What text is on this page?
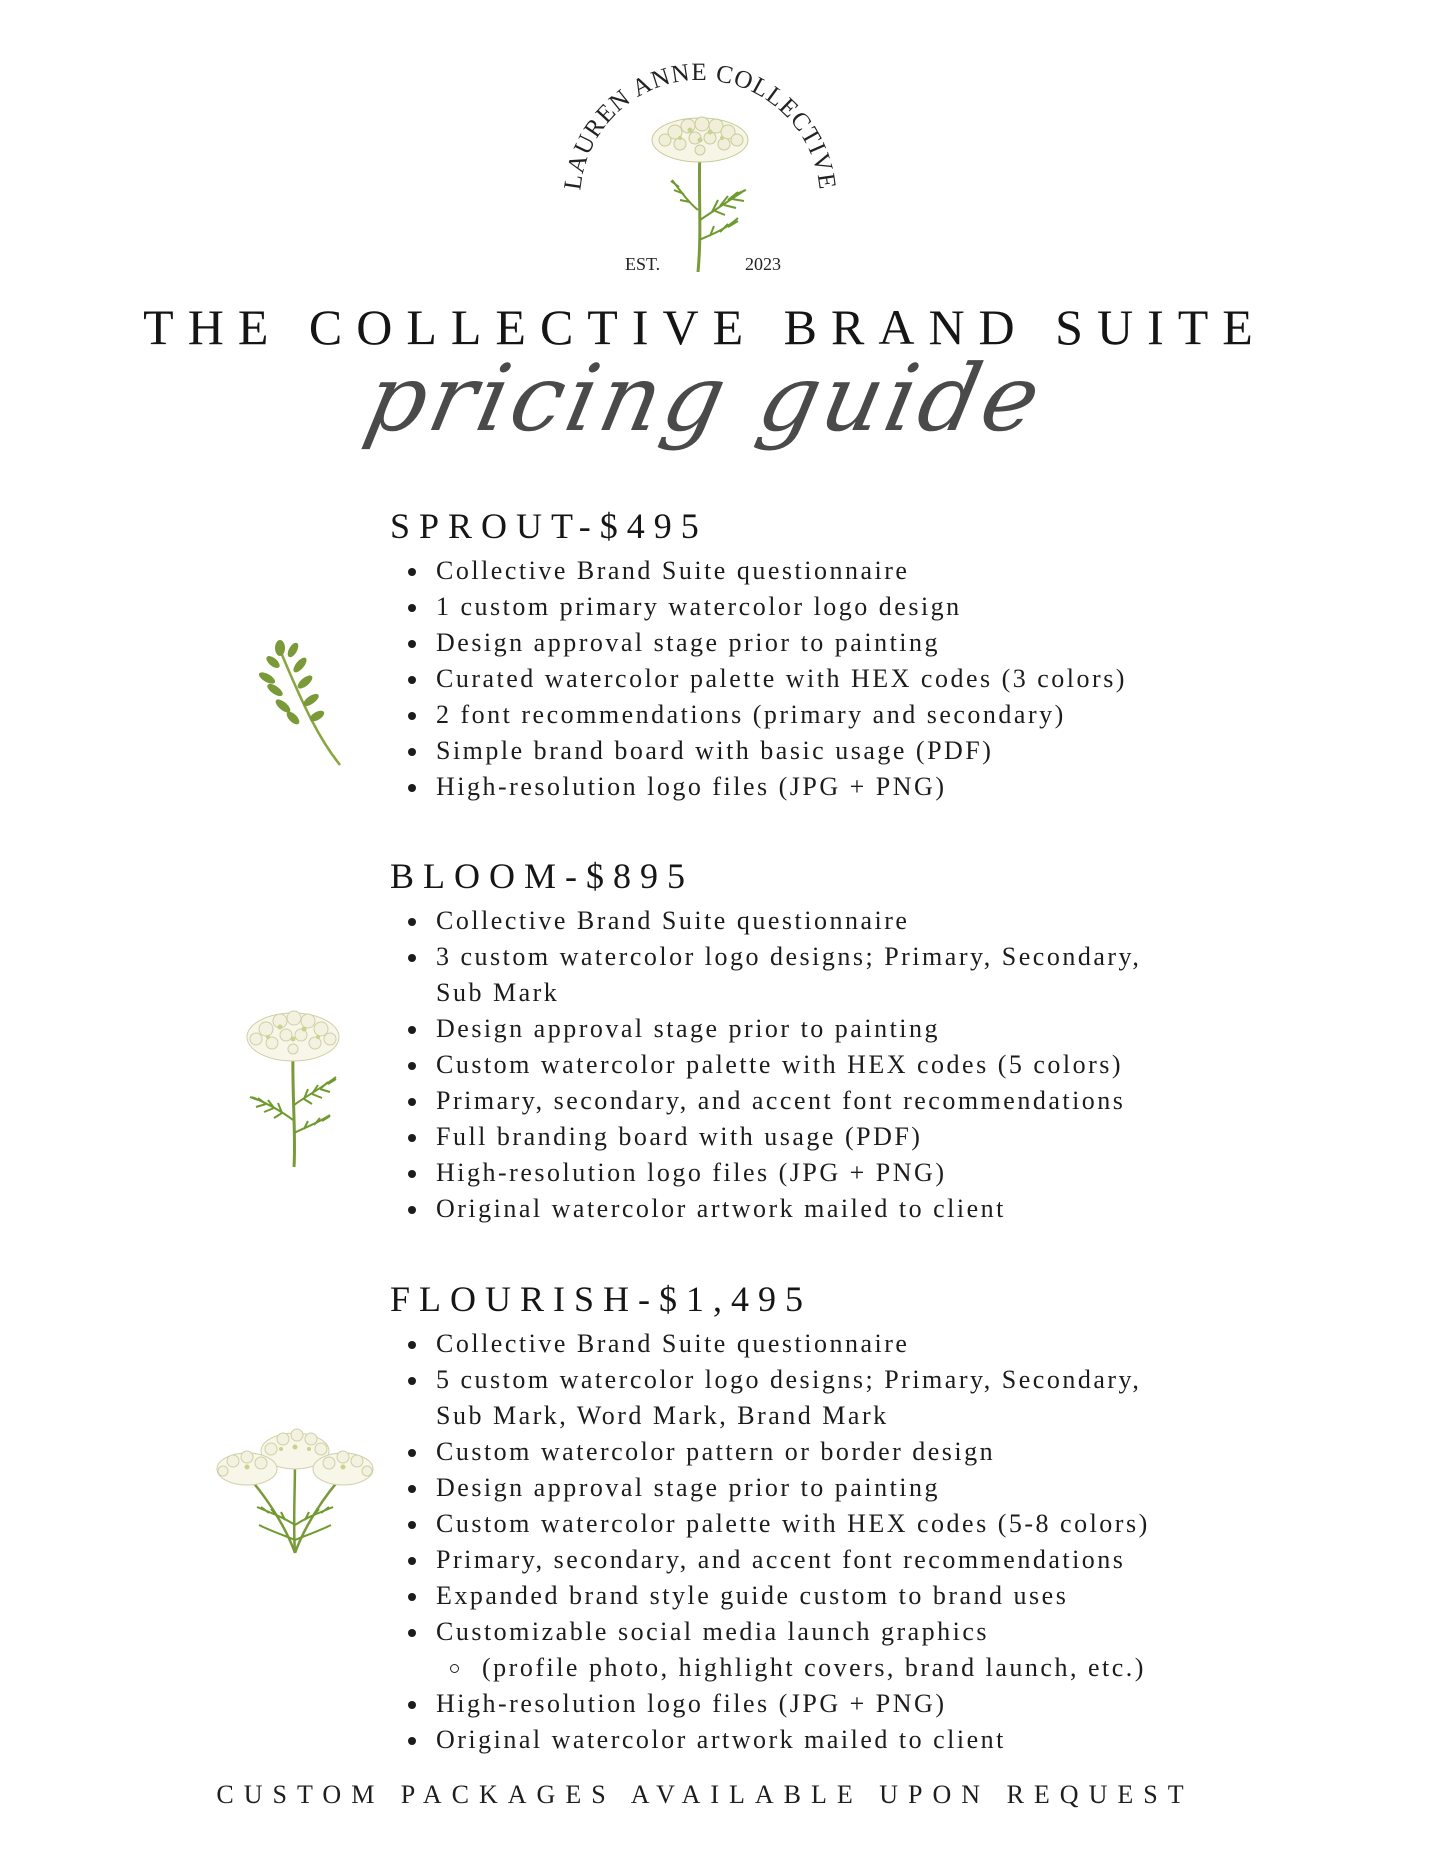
LAUREN ANNE COLLECTIVE
EST.	2023
THE COLLECTIVE BRAND SUITE
pricing guide
SPROUT-$495
Collective Brand Suite questionnaire
1 custom primary watercolor logo design
Design approval stage prior to painting
Curated watercolor palette with HEX codes (3 colors)
2 font recommendations (primary and secondary)
Simple brand board with basic usage (PDF)
High-resolution logo files (JPG + PNG)
BLOOM-$895
Collective Brand Suite questionnaire
3 custom watercolor logo designs; Primary, Secondary, Sub Mark
Design approval stage prior to painting
Custom watercolor palette with HEX codes (5 colors)
Primary, secondary, and accent font recommendations
Full branding board with usage (PDF)
High-resolution logo files (JPG + PNG)
Original watercolor artwork mailed to client
FLOURISH-$1,495
Collective Brand Suite questionnaire
5 custom watercolor logo designs; Primary, Secondary, Sub Mark, Word Mark, Brand Mark
Custom watercolor pattern or border design
Design approval stage prior to painting
Custom watercolor palette with HEX codes (5-8 colors)
Primary, secondary, and accent font recommendations
Expanded brand style guide custom to brand uses
Customizable social media launch graphics
(profile photo, highlight covers, brand launch, etc.)
High-resolution logo files (JPG + PNG)
Original watercolor artwork mailed to client

CUSTOM PACKAGES AVAILABLE UPON REQUEST
